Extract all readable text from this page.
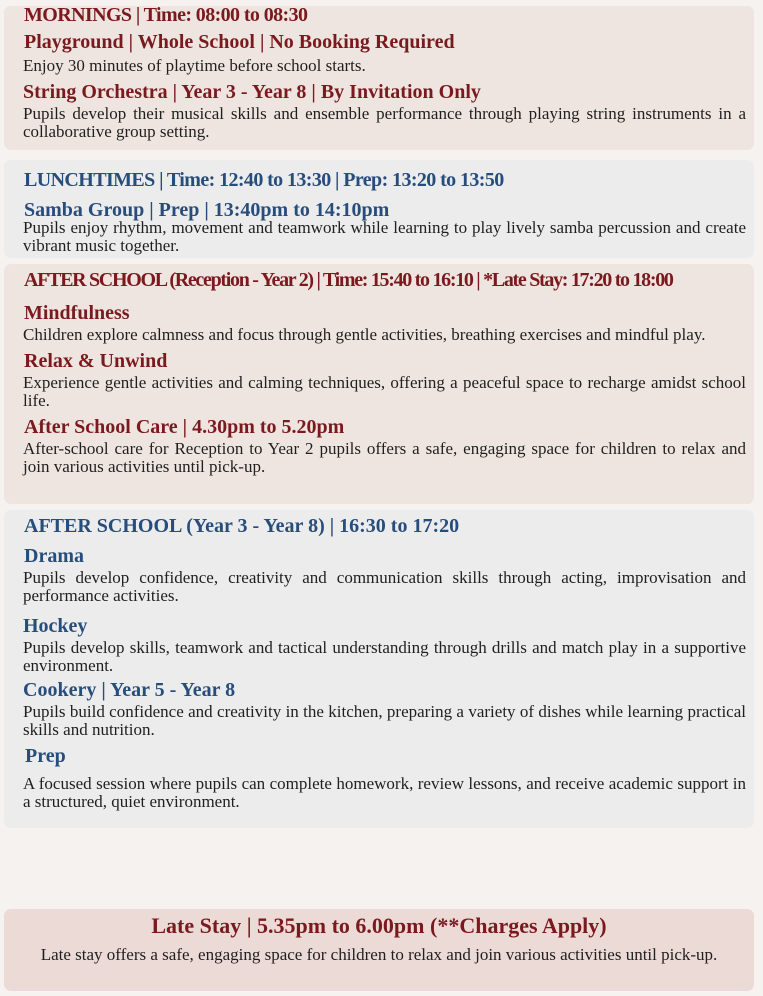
MORNINGS | Time: 08:00 to 08:30
Playground | Whole School | No Booking Required
Enjoy 30 minutes of playtime before school starts.
String Orchestra | Year 3 - Year 8 | By Invitation Only
Pupils develop their musical skills and ensemble performance through playing string instruments in a collaborative group setting.
LUNCHTIMES | Time: 12:40 to 13:30 | Prep: 13:20 to 13:50
Samba Group | Prep | 13:40pm to 14:10pm
Pupils enjoy rhythm, movement and teamwork while learning to play lively samba percussion and create vibrant music together.
AFTER SCHOOL (Reception - Year 2) | Time: 15:40 to 16:10 | *Late Stay: 17:20 to 18:00
Mindfulness
Children explore calmness and focus through gentle activities, breathing exercises and mindful play.
Relax & Unwind
Experience gentle activities and calming techniques, offering a peaceful space to recharge amidst school life.
After School Care | 4.30pm to 5.20pm
After-school care for Reception to Year 2 pupils offers a safe, engaging space for children to relax and join various activities until pick-up.
AFTER SCHOOL (Year 3 - Year 8) | 16:30 to 17:20
Drama
Pupils develop confidence, creativity and communication skills through acting, improvisation and performance activities.
Hockey
Pupils develop skills, teamwork and tactical understanding through drills and match play in a supportive environment.
Cookery | Year 5 - Year 8
Pupils build confidence and creativity in the kitchen, preparing a variety of dishes while learning practical skills and nutrition.
Prep
A focused session where pupils can complete homework, review lessons, and receive academic support in a structured, quiet environment.
Late Stay | 5.35pm to 6.00pm (**Charges Apply)
Late stay offers a safe, engaging space for children to relax and join various activities until pick-up.
